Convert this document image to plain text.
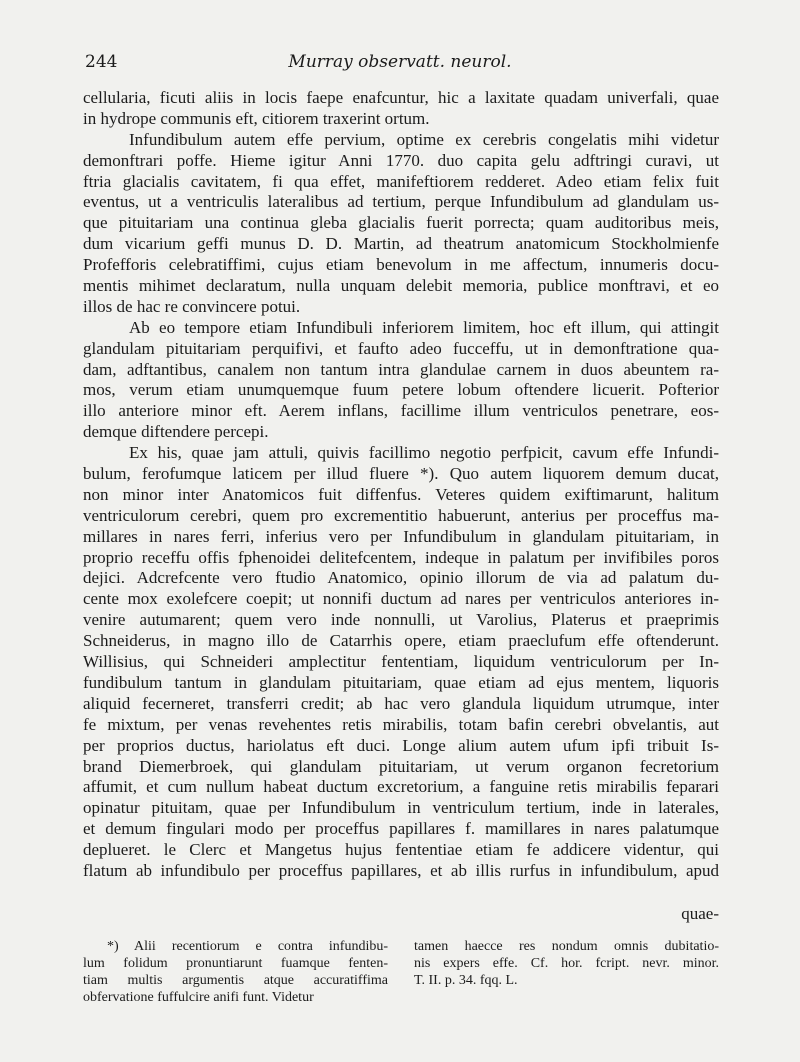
244	Murray observatt. neurol.
cellularia, ficuti aliis in locis faepe enafcuntur, hic a laxitate quadam univerfali, quae
in hydrope communis eft, citiorem traxerint ortum.
Infundibulum autem effe pervium, optime ex cerebris congelatis mihi videtur
demonftrari poffe. Hieme igitur Anni 1770. duo capita gelu adftringi curavi, ut
ftria glacialis cavitatem, fi qua effet, manifeftiorem redderet. Adeo etiam felix fuit
eventus, ut a ventriculis lateralibus ad tertium, perque Infundibulum ad glandulam us-
que pituitariam una continua gleba glacialis fuerit porrecta; quam auditoribus meis,
dum vicarium geffi munus D. D. Martin, ad theatrum anatomicum Stockholmienfe
Profefforis celebratiffimi, cujus etiam benevolum in me affectum, innumeris docu-
mentis mihimet declaratum, nulla unquam delebit memoria, publice monftravi, et eo
illos de hac re convincere potui.
Ab eo tempore etiam Infundibuli inferiorem limitem, hoc eft illum, qui attingit
glandulam pituitariam perquifivi, et faufto adeo fucceffu, ut in demonftratione qua-
dam, adftantibus, canalem non tantum intra glandulae carnem in duos abeuntem ra-
mos, verum etiam unumquemque fuum petere lobum oftendere licuerit. Pofterior
illo anteriore minor eft. Aerem inflans, facillime illum ventriculos penetrare, eos-
demque diftendere percepi.
Ex his, quae jam attuli, quivis facillimo negotio perfpicit, cavum effe Infundi-
bulum, ferofumque laticem per illud fluere *). Quo autem liquorem demum ducat,
non minor inter Anatomicos fuit diffenfus. Veteres quidem exiftimarunt, halitum
ventriculorum cerebri, quem pro excrementitio habuerunt, anterius per proceffus ma-
millares in nares ferri, inferius vero per Infundibulum in glandulam pituitariam, in
proprio receffu offis fphenoidei delitefcentem, indeque in palatum per invifibiles poros
dejici. Adcrefcente vero ftudio Anatomico, opinio illorum de via ad palatum du-
cente mox exolefcere coepit; ut nonnifi ductum ad nares per ventriculos anteriores in-
venire autumarent; quem vero inde nonnulli, ut Varolius, Platerus et praeprimis
Schneiderus, in magno illo de Catarrhis opere, etiam praeclufum effe oftenderunt.
Willisius, qui Schneideri amplectitur fententiam, liquidum ventriculorum per In-
fundibulum tantum in glandulam pituitariam, quae etiam ad ejus mentem, liquoris
aliquid fecerneret, transferri credit; ab hac vero glandula liquidum utrumque, inter
fe mixtum, per venas revehentes retis mirabilis, totam bafin cerebri obvelantis, aut
per proprios ductus, hariolatus eft duci. Longe alium autem ufum ipfi tribuit Is-
brand Diemerbroek, qui glandulam pituitariam, ut verum organon fecretorium
affumit, et cum nullum habeat ductum excretorium, a fanguine retis mirabilis feparari
opinatur pituitam, quae per Infundibulum in ventriculum tertium, inde in laterales,
et demum fingulari modo per proceffus papillares f. mamillares in nares palatumque
deplueret. le Clerc et Mangetus hujus fententiae etiam fe addicere videntur, qui
flatum ab infundibulo per proceffus papillares, et ab illis rurfus in infundibulum, apud
quae-
*) Alii recentiorum e contra infundibu-
lum folidum pronuntiarunt fuamque fenten-
tiam multis argumentis atque accuratiffima
obfervatione fuffulcire anifi funt. Videtur
tamen haecce res nondum omnis dubitatio-
nis expers effe. Cf. hor. fcript. nevr. minor.
T. II. p. 34. fqq. L.
